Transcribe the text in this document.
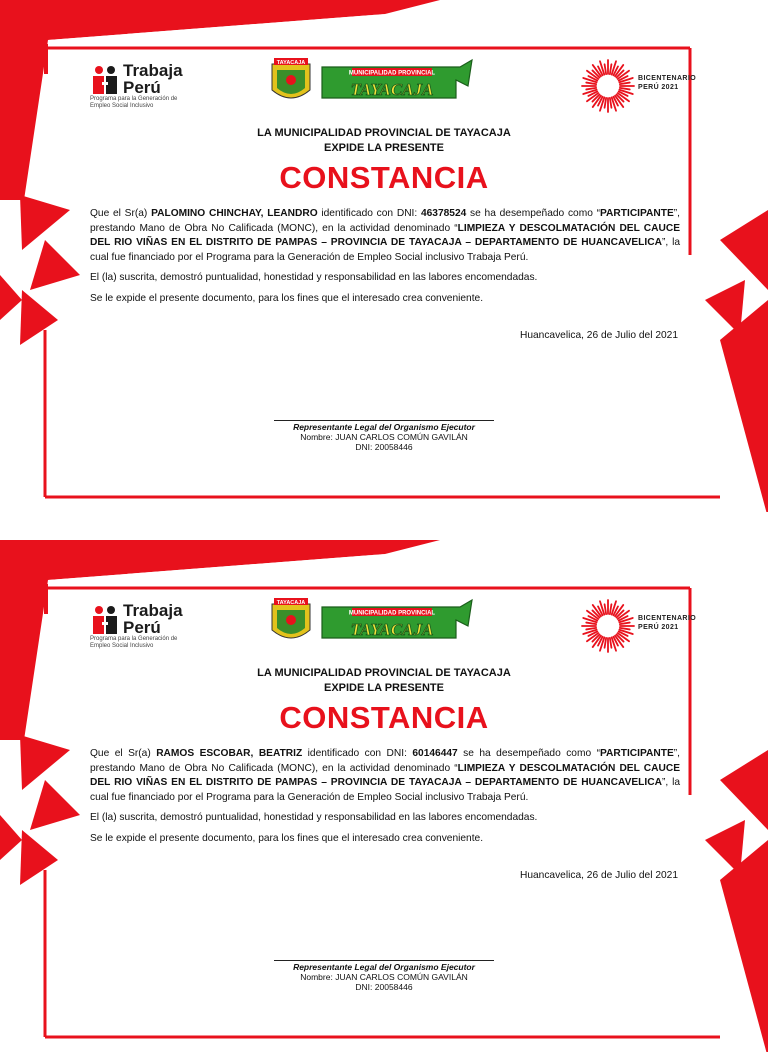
Trabaja
Perú
Programa para la Generación de Empleo Social Inclusivo
TAYACAJA
MUNICIPALIDAD PROVINCIAL
TAYACAJA
BICENTENARIO
PERÚ 2021
LA MUNICIPALIDAD PROVINCIAL DE TAYACAJA
EXPIDE LA PRESENTE
CONSTANCIA

Que el Sr(a) PALOMINO CHINCHAY, LEANDRO identificado con DNI: 46378524 se ha desempeñado como “PARTICIPANTE”, prestando Mano de Obra No Calificada (MONC), en la actividad denominado “LIMPIEZA Y DESCOLMATACIÓN DEL CAUCE DEL RIO VIÑAS EN EL DISTRITO DE PAMPAS – PROVINCIA DE TAYACAJA – DEPARTAMENTO DE HUANCAVELICA”, la cual fue financiado por el Programa para la Generación de Empleo Social inclusivo Trabaja Perú.

El (la) suscrita, demostró puntualidad, honestidad y responsabilidad en las labores encomendadas.

Se le expide el presente documento, para los fines que el interesado crea conveniente.

Huancavelica, 26 de Julio del 2021
Representante Legal del Organismo Ejecutor
Nombre: JUAN CARLOS COMÚN GAVILÁN
DNI: 20058446
Trabaja
Perú
Programa para la Generación de Empleo Social Inclusivo
TAYACAJA
MUNICIPALIDAD PROVINCIAL
TAYACAJA
BICENTENARIO
PERÚ 2021
LA MUNICIPALIDAD PROVINCIAL DE TAYACAJA
EXPIDE LA PRESENTE
CONSTANCIA

Que el Sr(a) RAMOS ESCOBAR, BEATRIZ identificado con DNI: 60146447 se ha desempeñado como “PARTICIPANTE”, prestando Mano de Obra No Calificada (MONC), en la actividad denominado “LIMPIEZA Y DESCOLMATACIÓN DEL CAUCE DEL RIO VIÑAS EN EL DISTRITO DE PAMPAS – PROVINCIA DE TAYACAJA – DEPARTAMENTO DE HUANCAVELICA”, la cual fue financiado por el Programa para la Generación de Empleo Social inclusivo Trabaja Perú.

El (la) suscrita, demostró puntualidad, honestidad y responsabilidad en las labores encomendadas.

Se le expide el presente documento, para los fines que el interesado crea conveniente.

Huancavelica, 26 de Julio del 2021
Representante Legal del Organismo Ejecutor
Nombre: JUAN CARLOS COMÚN GAVILÁN
DNI: 20058446
